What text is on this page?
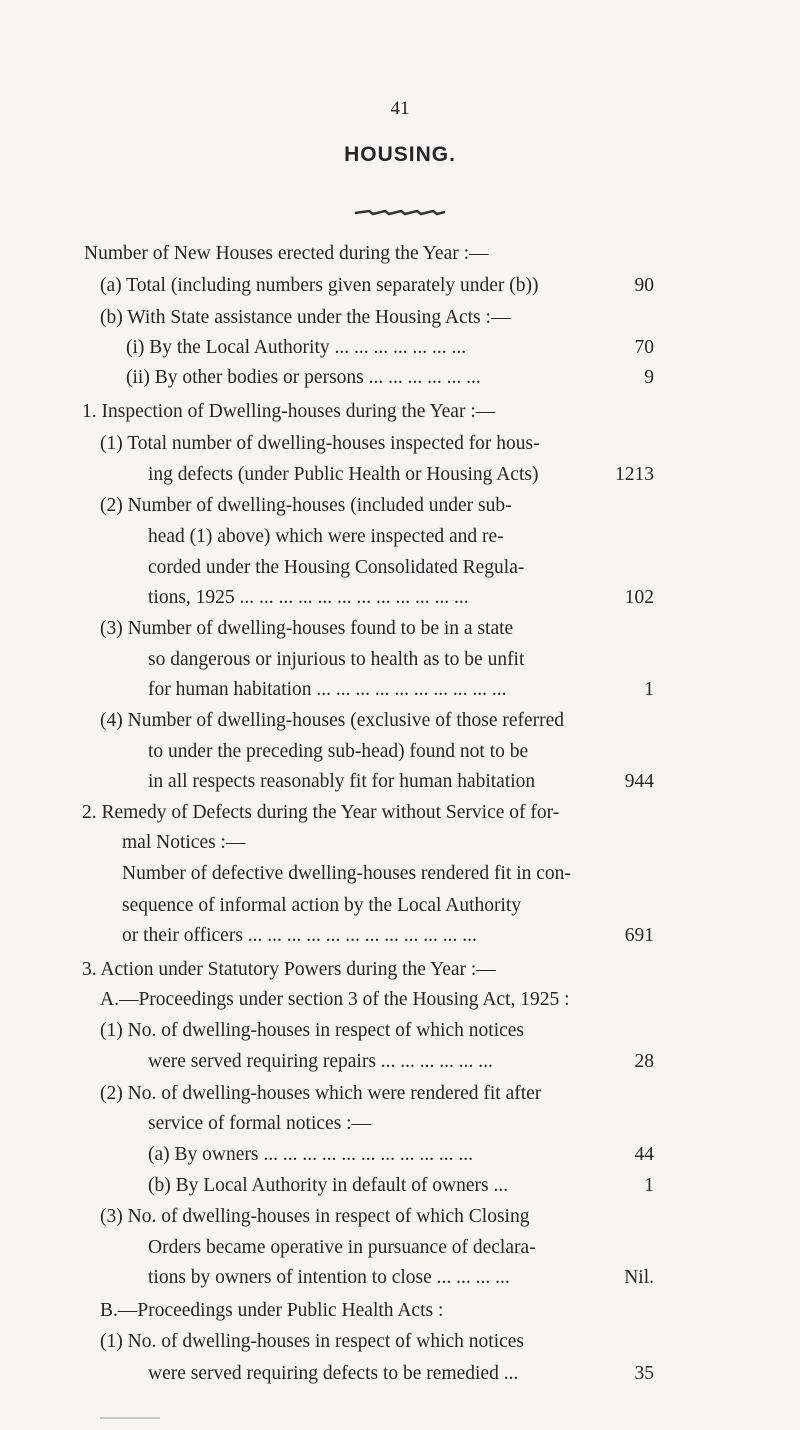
41
HOUSING.
Number of New Houses erected during the Year :—
(a) Total (including numbers given separately under (b))	90
(b) With State assistance under the Housing Acts :—
(i) By the Local Authority ... ... ... ... ... ... ...	70
(ii) By other bodies or persons ... ... ... ... ... ...	9
1. Inspection of Dwelling-houses during the Year :—
(1) Total number of dwelling-houses inspected for hous-
ing defects (under Public Health or Housing Acts)	1213
(2) Number of dwelling-houses (included under sub-
head (1) above) which were inspected and re-
corded under the Housing Consolidated Regula-
tions, 1925 ... ... ... ... ... ... ... ... ... ... ... ...	102
(3) Number of dwelling-houses found to be in a state
so dangerous or injurious to health as to be unfit
for human habitation ... ... ... ... ... ... ... ... ... ...	1
(4) Number of dwelling-houses (exclusive of those referred
to under the preceding sub-head) found not to be
in all respects reasonably fit for human habitation	944
2. Remedy of Defects during the Year without Service of for-
mal Notices :—
Number of defective dwelling-houses rendered fit in con-
sequence of informal action by the Local Authority
or their officers ... ... ... ... ... ... ... ... ... ... ... ...	691
3. Action under Statutory Powers during the Year :—
A.—Proceedings under section 3 of the Housing Act, 1925 :
(1) No. of dwelling-houses in respect of which notices
were served requiring repairs ... ... ... ... ... ...	28
(2) No. of dwelling-houses which were rendered fit after
service of formal notices :—
(a) By owners ... ... ... ... ... ... ... ... ... ... ...	44
(b) By Local Authority in default of owners ...	1
(3) No. of dwelling-houses in respect of which Closing
Orders became operative in pursuance of declara-
tions by owners of intention to close ... ... ... ...	Nil.
B.—Proceedings under Public Health Acts :
(1) No. of dwelling-houses in respect of which notices
were served requiring defects to be remedied ...	35
